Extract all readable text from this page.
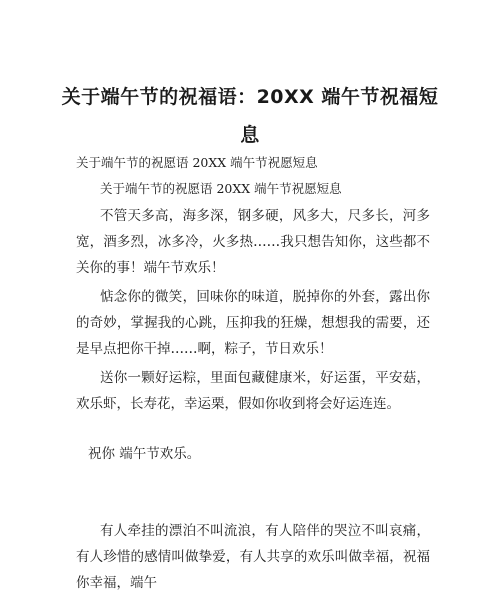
关于端午节的祝福语：20XX 端午节祝福短息

关于端午节的祝愿语 20XX 端午节祝愿短息

关于端午节的祝愿语 20XX 端午节祝愿短息

不管天多高，海多深，钢多硬，风多大，尺多长，河多 宽，酒多烈，冰多冷，火多热……我只想告知你，这些都不 关你的事！端午节欢乐！

惦念你的微笑，回味你的味道，脱掉你的外套，露出你 的奇妙，掌握我的心跳，压抑我的狂燥，想想我的需要，还 是早点把你干掉……啊，粽子，节日欢乐！

送你一颗好运粽，里面包藏健康米，好运蛋，平安菇， 欢乐虾，长寿花，幸运栗，假如你收到将会好运连连。

祝你 端午节欢乐。

有人牵挂的漂泊不叫流浪，有人陪伴的哭泣不叫哀痛， 有人珍惜的感情叫做挚爱，有人共享的欢乐叫做幸福，祝福 你幸福，端午
